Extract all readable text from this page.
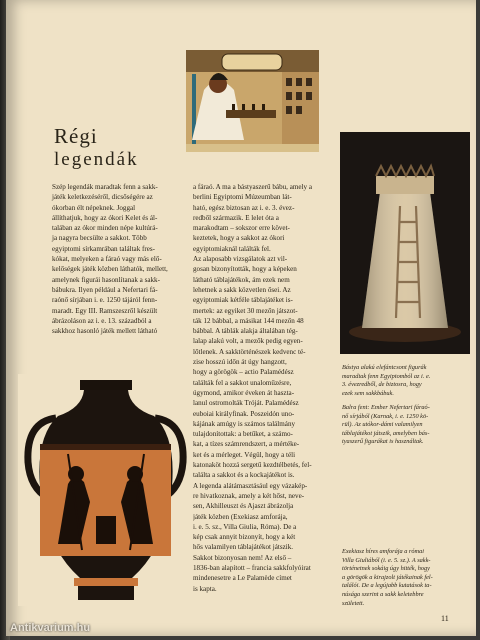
Régi
legendák

Szép legendák maradtak fenn a sakk-

játék keletkezéséről, dicsőségére az

ókorban élt népeknek. Joggal

állíthatjuk, hogy az ókori Kelet és ál-

talában az ókor minden népe kultúrá-

ja nagyra becsülte a sakkot. Több

egyiptomi sírkamrában találtak fres-

kókat, melyeken a fáraó vagy más elő-

kelőségek játék közben láthatók, mellett,

amelynek figurái hasonlítanak a sakk-

bábukra. Ilyen például a Nefertari fá-

raónő sírjában i. e. 1250 tájáról fenn-

maradt. Egy III. Ramszeszről készült

ábrázoláson az i. e. 13. századból a

sakkhoz hasonló játék mellett látható

a fáraó. A ma a bástyaszerű bábu, amely a

berlini Egyiptomi Múzeumban lát-

ható, egész biztosan az i. e. 3. évez-

redből származik. E lelet óta a

marakodtam – sokszor erre követ-

keztetek, hogy a sakkot az ókori

egyiptomiaknál találták fel.

Az alaposabb vizsgálatok azt vil-

gosan bizonyították, hogy a képeken

látható táblajátékok, ám ezek nem

lehetnek a sakk közvetlen ősei. Az

egyiptomiak kétféle táblajátéket is-

mertek: az egyiket 30 mezőn játszot-

ták 12 bábbal, a másikat 144 mezőn 48

bábbal. A táblák alakja általában tég-

lalap alakú volt, a mezők pedig egyen-

lőtlenek. A sakktörténészek kedvenc té-

zise hosszú időn át úgy hangzott,

hogy a görögök – actio Palamédész

találták fel a sakkot unaloműzésre,

úgymond, amikor éveken át haszta-

lanul ostromolták Tróját. Palamédész

euboiai királyfinak. Poszeidón uno-

kájának amúgy is számos találmány

tulajdonítottak: a betűket, a számo-

kat, a tízes számrendszert, a mértéke-

ket és a mérleget. Végül, hogy a téli

katonaköt hozzá sergetű kezdtélbetés, fel-

találta a sakkot és a kockajátékot is.

A legenda alátámasztásául egy vázakép-

re hivatkoznak, amely a két hőst, neve-

sen, Akhilleuszt és Ajaszt ábrázolja

játék közben (Exekiasz amforája,

i. e. 5. sz., Villa Giulia, Róma). De a

kép csak annyit bizonyít, hogy a két

hős valamilyen táblajátékot játszik.

Sakkot bizonyosan nem! Az első –

1836-ban alapított – francia sakkfolyóirat

mindenesetre a Le Palamède címet

is kapta.

Bástya alakú elefántcsont figurák

maradtak fenn Egyiptomból az i. e.

3. évezredből, de biztosra, hogy

ezek sem sakkbábuk.

Balra fent: Ember Nefertari fáraó-

nő sírjából (Karnak, i. e. 1250 kö-

rül). Az utókor-dámi valamilyen

táblajátékot játszik, amelyben bás-

tyaszerű figurákat is használtak.

Exekiasz híres amforája a római

Villa Giuliából (i. e. 5. sz.). A sakk-

történetnek sokáig úgy hitték, hogy

a görögök a kirajzolt játékainak fel-

találói. De a legújabb kutatások ta-

núsága szerint a sakk keletebbre

született.

11
Antikvarium.hu
